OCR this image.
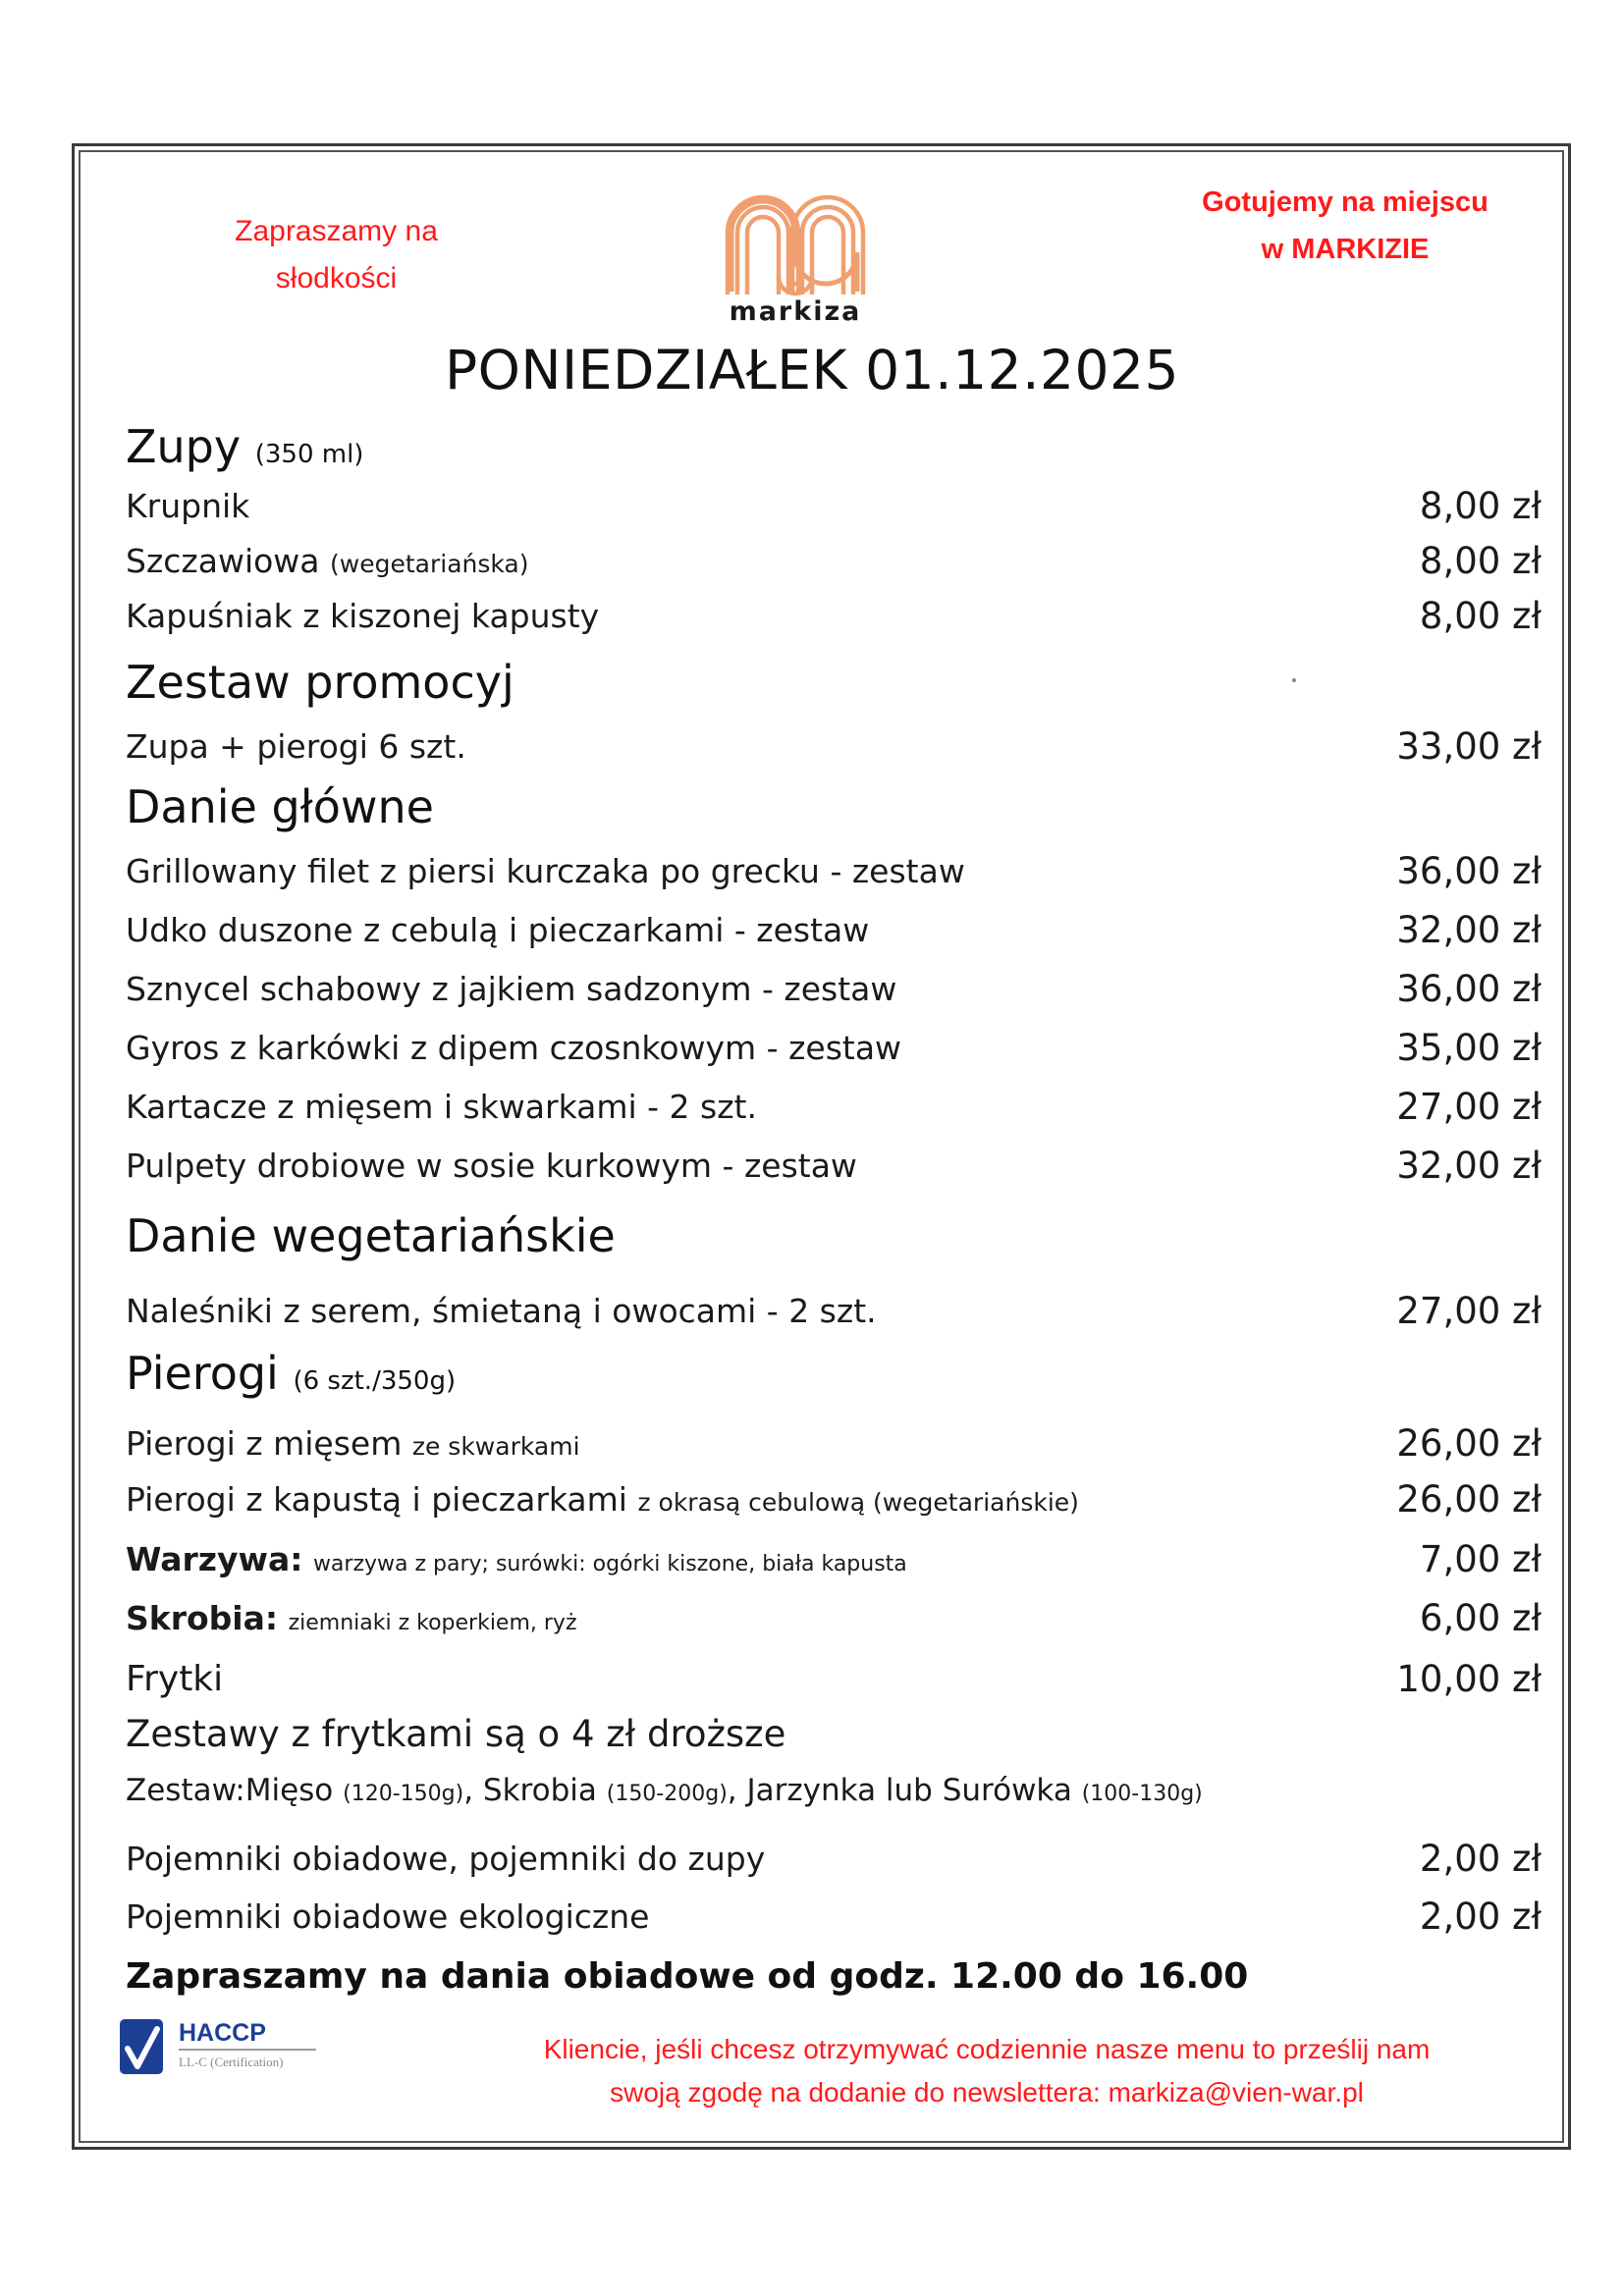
Zapraszamy na
słodkości
markiza
Gotujemy na miejscu
w MARKIZIE
PONIEDZIAŁEK 01.12.2025
Zupy (350 ml)
Krupnik	8,00 zł
Szczawiowa (wegetariańska)	8,00 zł
Kapuśniak z kiszonej kapusty	8,00 zł
Zestaw promocyj
Zupa + pierogi 6 szt.	33,00 zł
Danie główne
Grillowany filet z piersi kurczaka po grecku - zestaw	36,00 zł
Udko duszone z cebulą i pieczarkami - zestaw	32,00 zł
Sznycel schabowy z jajkiem sadzonym - zestaw	36,00 zł
Gyros z karkówki z dipem czosnkowym - zestaw	35,00 zł
Kartacze z mięsem i skwarkami - 2 szt.	27,00 zł
Pulpety drobiowe w sosie kurkowym - zestaw	32,00 zł
Danie wegetariańskie
Naleśniki z serem, śmietaną i owocami - 2 szt.	27,00 zł
Pierogi (6 szt./350g)
Pierogi z mięsem ze skwarkami	26,00 zł
Pierogi z kapustą i pieczarkami z okrasą cebulową (wegetariańskie)	26,00 zł
Warzywa: warzywa z pary; surówki: ogórki kiszone, biała kapusta	7,00 zł
Skrobia: ziemniaki z koperkiem, ryż	6,00 zł
Frytki	10,00 zł
Zestawy z frytkami są o 4 zł droższe
Zestaw:Mięso (120-150g), Skrobia (150-200g), Jarzynka lub Surówka (100-130g)
Pojemniki obiadowe, pojemniki do zupy	2,00 zł
Pojemniki obiadowe ekologiczne	2,00 zł
Zapraszamy na dania obiadowe od godz. 12.00 do 16.00
HACCP
LL-C (Certification)	Kliencie, jeśli chcesz otrzymywać codziennie nasze menu to prześlij nam
swoją zgodę na dodanie do newslettera: markiza@vien-war.pl
